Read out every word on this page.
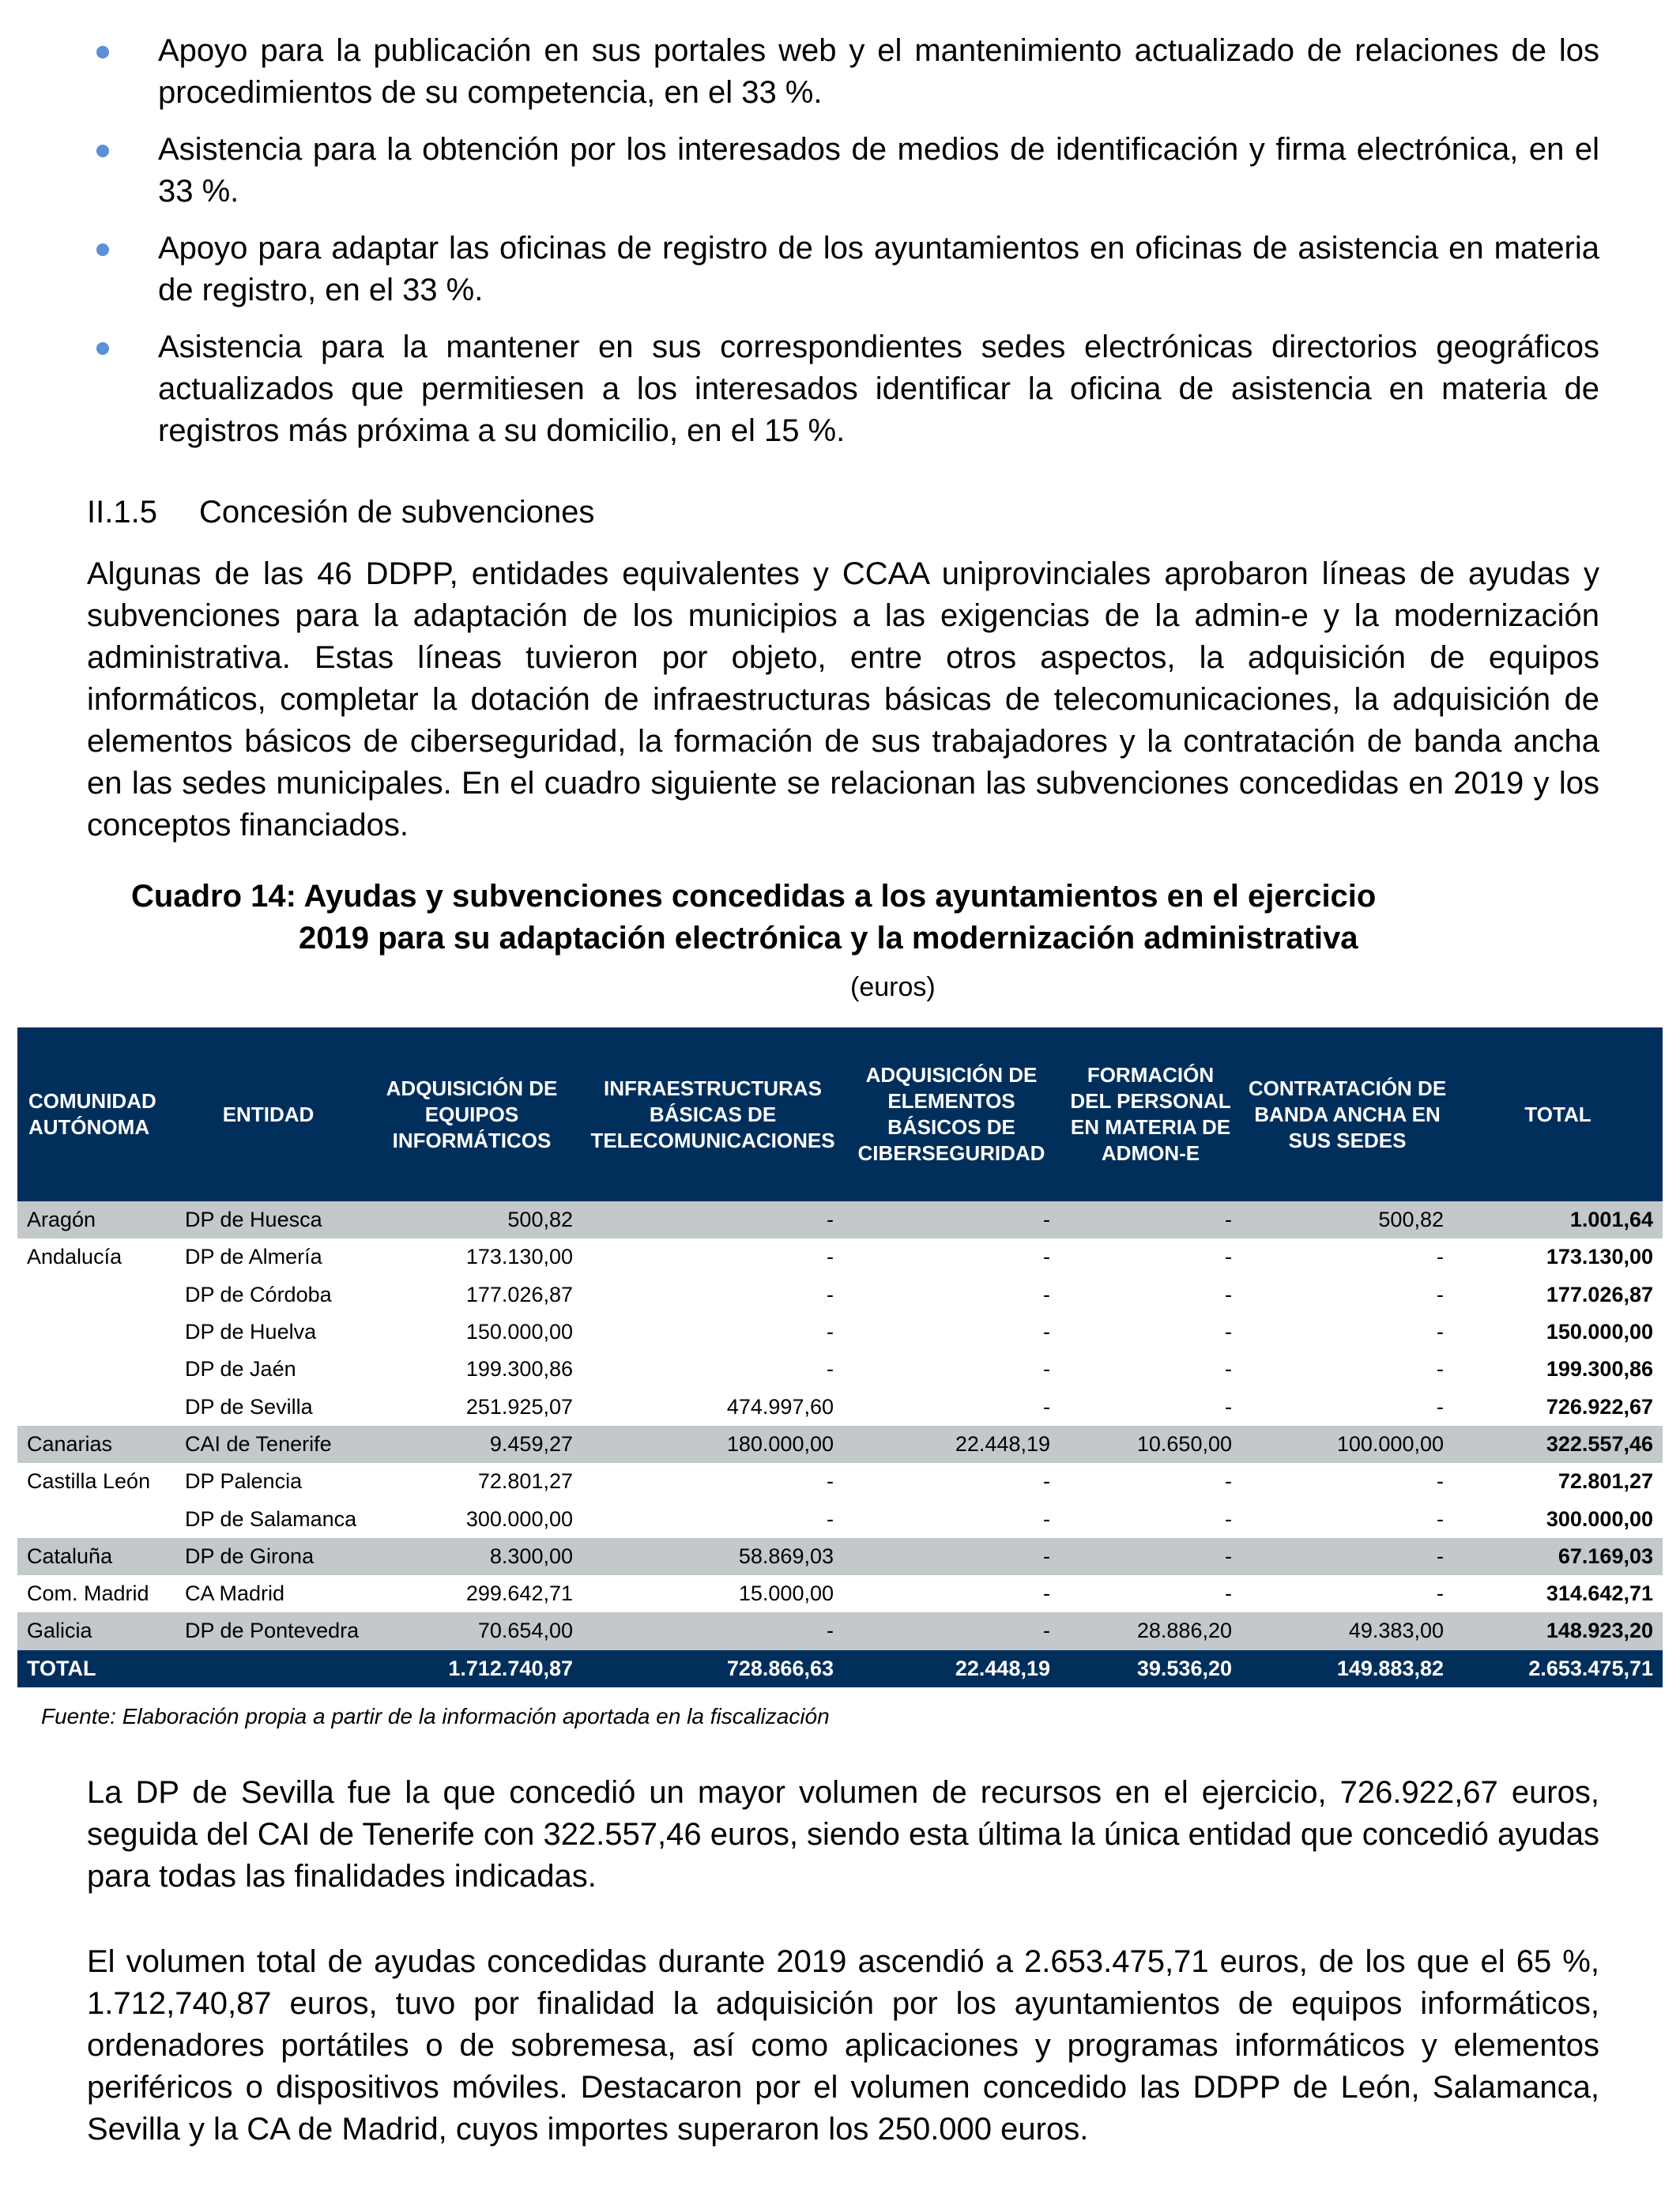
Apoyo para la publicación en sus portales web y el mantenimiento actualizado de relaciones de los procedimientos de su competencia, en el 33 %.
Asistencia para la obtención por los interesados de medios de identificación y firma electrónica, en el 33 %.
Apoyo para adaptar las oficinas de registro de los ayuntamientos en oficinas de asistencia en materia de registro, en el 33 %.
Asistencia para la mantener en sus correspondientes sedes electrónicas directorios geográficos actualizados que permitiesen a los interesados identificar la oficina de asistencia en materia de registros más próxima a su domicilio, en el 15 %.
II.1.5 Concesión de subvenciones

Algunas de las 46 DDPP, entidades equivalentes y CCAA uniprovinciales aprobaron líneas de ayudas y subvenciones para la adaptación de los municipios a las exigencias de la admin-e y la modernización administrativa. Estas líneas tuvieron por objeto, entre otros aspectos, la adquisición de equipos informáticos, completar la dotación de infraestructuras básicas de telecomunicaciones, la adquisición de elementos básicos de ciberseguridad, la formación de sus trabajadores y la contratación de banda ancha en las sedes municipales. En el cuadro siguiente se relacionan las subvenciones concedidas en 2019 y los conceptos financiados.

Cuadro 14: Ayudas y subvenciones concedidas a los ayuntamientos en el ejercicio
2019 para su adaptación electrónica y la modernización administrativa
(euros)
COMUNIDAD AUTÓNOMA	ENTIDAD	ADQUISICIÓN DE EQUIPOS INFORMÁTICOS	INFRAESTRUCTURAS BÁSICAS DE TELECOMUNICACIONES	ADQUISICIÓN DE ELEMENTOS BÁSICOS DE CIBERSEGURIDAD	FORMACIÓN DEL PERSONAL EN MATERIA DE ADMON-E	CONTRATACIÓN DE BANDA ANCHA EN SUS SEDES	TOTAL
Aragón	DP de Huesca	500,82	-	-	-	500,82	1.001,64
Andalucía	DP de Almería	173.130,00	-	-	-	-	173.130,00
	DP de Córdoba	177.026,87	-	-	-	-	177.026,87
	DP de Huelva	150.000,00	-	-	-	-	150.000,00
	DP de Jaén	199.300,86	-	-	-	-	199.300,86
	DP de Sevilla	251.925,07	474.997,60	-	-	-	726.922,67
Canarias	CAI de Tenerife	9.459,27	180.000,00	22.448,19	10.650,00	100.000,00	322.557,46
Castilla León	DP Palencia	72.801,27	-	-	-	-	72.801,27
	DP de Salamanca	300.000,00	-	-	-	-	300.000,00
Cataluña	DP de Girona	8.300,00	58.869,03	-	-	-	67.169,03
Com. Madrid	CA Madrid	299.642,71	15.000,00	-	-	-	314.642,71
Galicia	DP de Pontevedra	70.654,00	-	-	28.886,20	49.383,00	148.923,20
TOTAL		1.712.740,87	728.866,63	22.448,19	39.536,20	149.883,82	2.653.475,71
Fuente: Elaboración propia a partir de la información aportada en la fiscalización

La DP de Sevilla fue la que concedió un mayor volumen de recursos en el ejercicio, 726.922,67 euros, seguida del CAI de Tenerife con 322.557,46 euros, siendo esta última la única entidad que concedió ayudas para todas las finalidades indicadas.

El volumen total de ayudas concedidas durante 2019 ascendió a 2.653.475,71 euros, de los que el 65 %, 1.712,740,87 euros, tuvo por finalidad la adquisición por los ayuntamientos de equipos informáticos, ordenadores portátiles o de sobremesa, así como aplicaciones y programas informáticos y elementos periféricos o dispositivos móviles. Destacaron por el volumen concedido las DDPP de León, Salamanca, Sevilla y la CA de Madrid, cuyos importes superaron los 250.000 euros.
